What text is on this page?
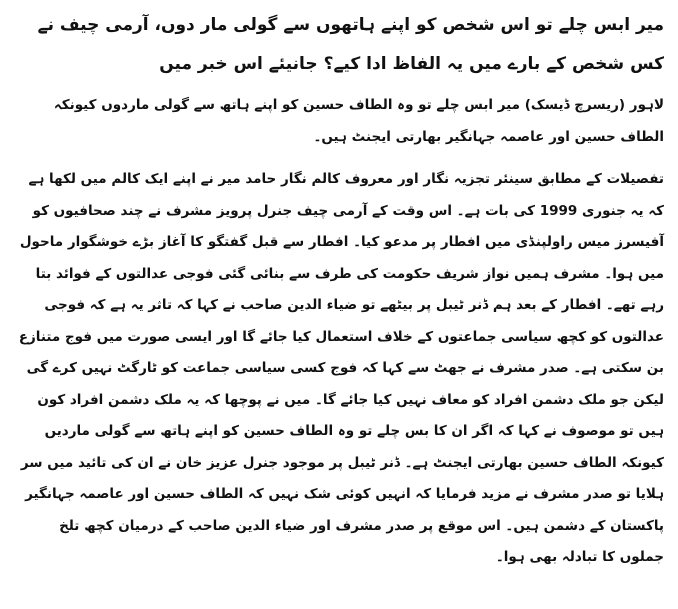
میر ابس چلے تو اس شخص کو اپنے ہاتھوں سے گولی مار دوں، آرمی چیف نے کس شخص کے بارے میں یہ الفاظ ادا کیے؟ جانیئے اس خبر میں

لاہور (ریسرچ ڈیسک) میر ابس چلے تو وہ الطاف حسین کو اپنے ہاتھ سے گولی ماردوں کیونکہ الطاف حسین اور عاصمہ جہانگیر بھارتی ایجنٹ ہیں۔

تفصیلات کے مطابق سینئر تجزیہ نگار اور معروف کالم نگار حامد میر نے اپنے ایک کالم میں لکھا ہے کہ یہ جنوری 1999 کی بات ہے۔ اس وقت کے آرمی چیف جنرل پرویز مشرف نے چند صحافیوں کو آفیسرز میس راولپنڈی میں افطار پر مدعو کیا۔ افطار سے قبل گفتگو کا آغاز بڑے خوشگوار ماحول میں ہوا۔ مشرف ہمیں نواز شریف حکومت کی طرف سے بنائی گئی فوجی عدالتوں کے فوائد بتا رہے تھے۔ افطار کے بعد ہم ڈنر ٹیبل پر بیٹھے تو ضیاء الدین صاحب نے کہا کہ تاثر یہ ہے کہ فوجی عدالتوں کو کچھ سیاسی جماعتوں کے خلاف استعمال کیا جائے گا اور ایسی صورت میں فوج متنازع بن سکتی ہے۔ صدر مشرف نے جھٹ سے کہا کہ فوج کسی سیاسی جماعت کو ٹارگٹ نہیں کرے گی لیکن جو ملک دشمن افراد کو معاف نہیں کیا جائے گا۔ میں نے پوچھا کہ یہ ملک دشمن افراد کون ہیں تو موصوف نے کہا کہ اگر ان کا بس چلے تو وہ الطاف حسین کو اپنے ہاتھ سے گولی ماردیں کیونکہ الطاف حسین بھارتی ایجنٹ ہے۔ ڈنر ٹیبل پر موجود جنرل عزیز خان نے ان کی تائید میں سر ہلایا تو صدر مشرف نے مزید فرمایا کہ انہیں کوئی شک نہیں کہ الطاف حسین اور عاصمہ جہانگیر پاکستان کے دشمن ہیں۔ اس موقع پر صدر مشرف اور ضیاء الدین صاحب کے درمیان کچھ تلخ جملوں کا تبادلہ بھی ہوا۔
